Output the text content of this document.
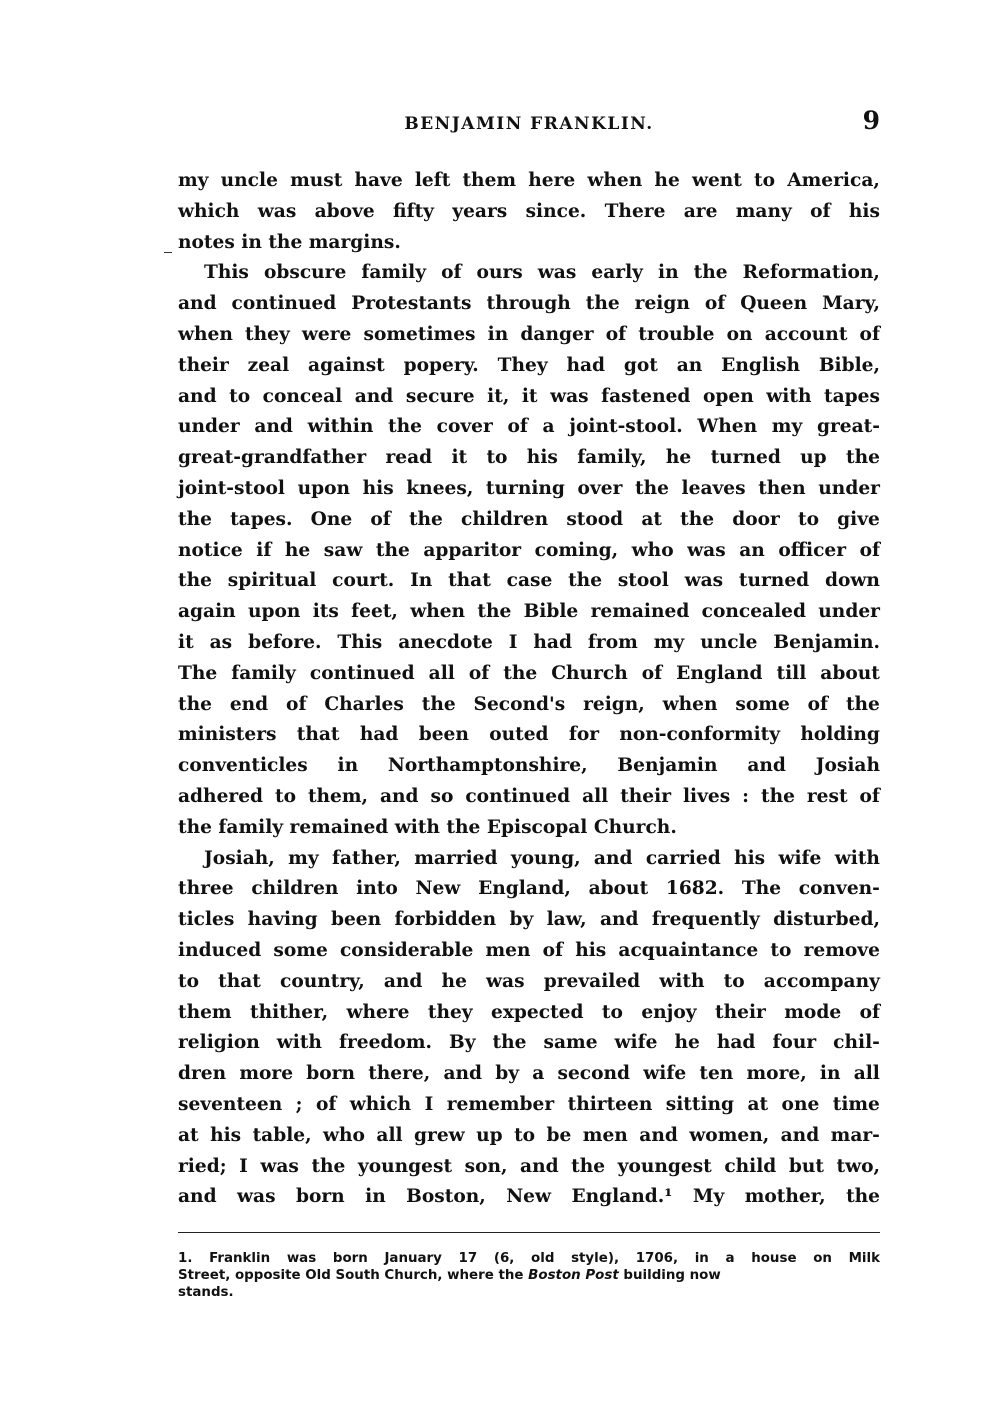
BENJAMIN FRANKLIN.	9
my uncle must have left them here when he went to America,
which was above fifty years since. There are many of his
notes in the margins.
This obscure family of ours was early in the Reformation,
and continued Protestants through the reign of Queen Mary,
when they were sometimes in danger of trouble on account of
their zeal against popery. They had got an English Bible,
and to conceal and secure it, it was fastened open with tapes
under and within the cover of a joint-stool. When my great-
great-grandfather read it to his family, he turned up the
joint-stool upon his knees, turning over the leaves then under
the tapes. One of the children stood at the door to give
notice if he saw the apparitor coming, who was an officer of
the spiritual court. In that case the stool was turned down
again upon its feet, when the Bible remained concealed under
it as before. This anecdote I had from my uncle Benjamin.
The family continued all of the Church of England till about
the end of Charles the Second's reign, when some of the
ministers that had been outed for non-conformity holding
conventicles in Northamptonshire, Benjamin and Josiah
adhered to them, and so continued all their lives : the rest of
the family remained with the Episcopal Church.
Josiah, my father, married young, and carried his wife with
three children into New England, about 1682. The conven-
ticles having been forbidden by law, and frequently disturbed,
induced some considerable men of his acquaintance to remove
to that country, and he was prevailed with to accompany
them thither, where they expected to enjoy their mode of
religion with freedom. By the same wife he had four chil-
dren more born there, and by a second wife ten more, in all
seventeen ; of which I remember thirteen sitting at one time
at his table, who all grew up to be men and women, and mar-
ried; I was the youngest son, and the youngest child but two,
and was born in Boston, New England.¹ My mother, the
1. Franklin was born January 17 (6, old style), 1706, in a house on Milk
Street, opposite Old South Church, where the Boston Post building now
stands.
